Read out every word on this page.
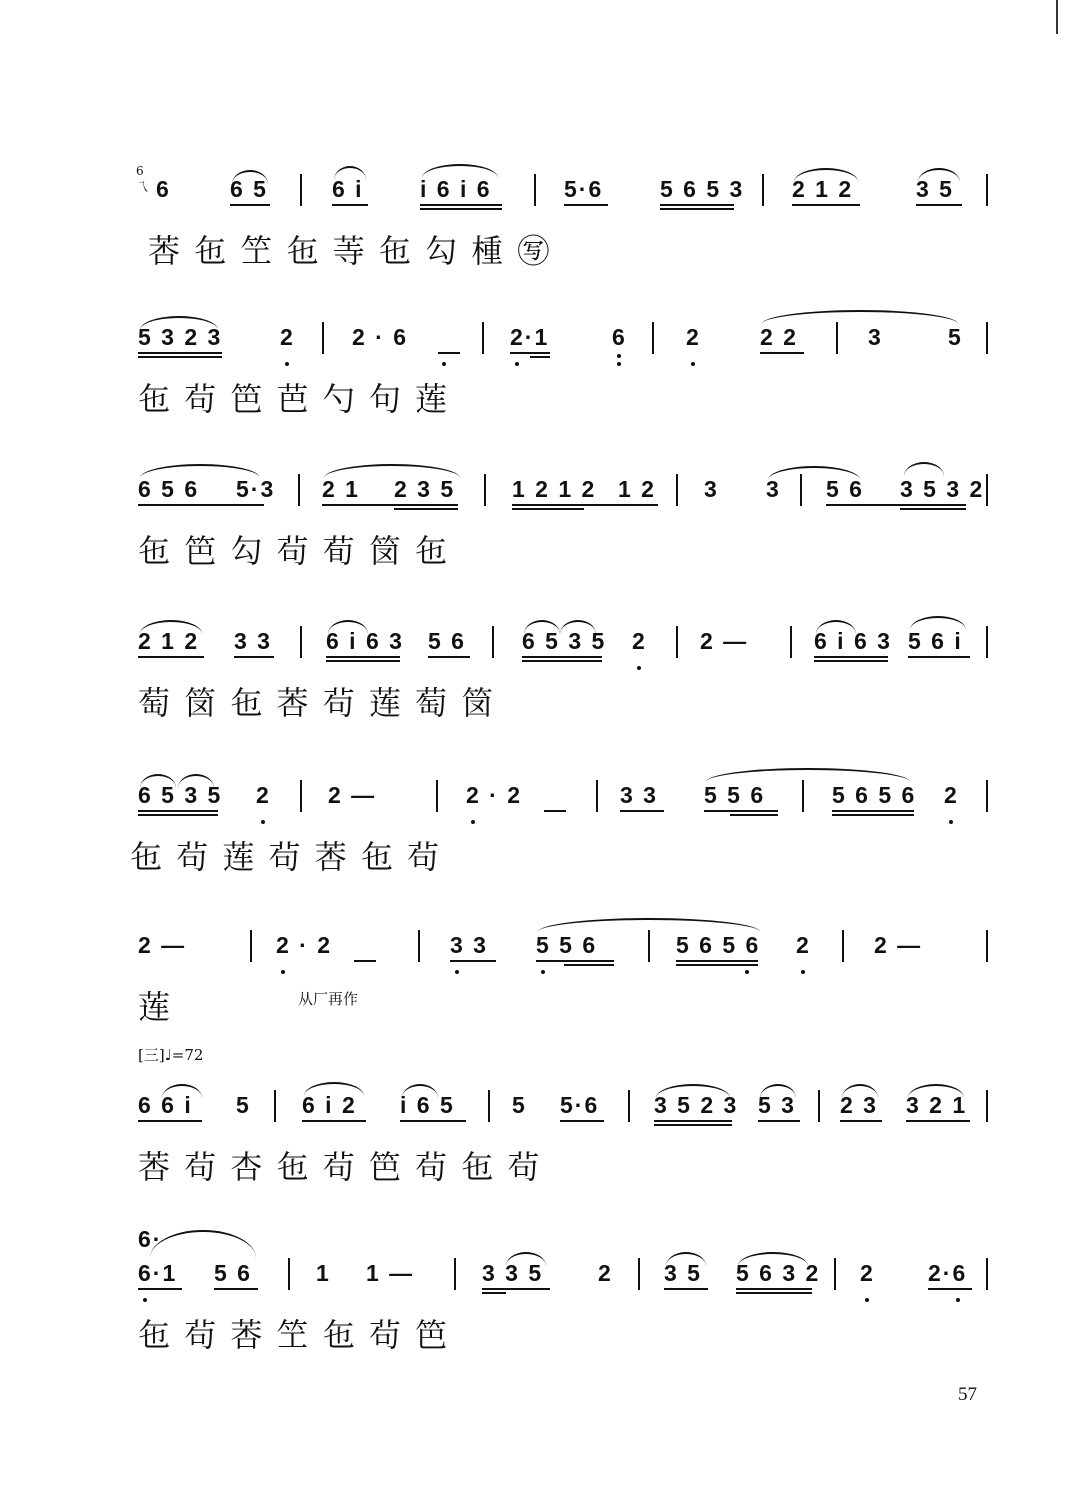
6
乁 6	6 5	6 i i 6 i 6	5·6 5 6 5 3 2 1 2	3 5
莕 㐌 笁 㐌 䓁 㐌 勾 㮔 ㊢
5 3 2 3	2 2 · 6	2·1	6	2	2 2	3	5
㐌 茍 笆 芭 勺 句 莲
6 5 6 5·3 2 1 2 3 5 1 2 1 2 1 2 3 3 5 6 3 5 3 2
㐌 笆 勾 茍 荀 笝 㐌
2 1 2 3 3 6 i 6 3 5 6 6 5 3 5 2 2 —	6 i 6 3 5 6 i
萄 笝 㐌 莕 茍 莲 萄 笝
6 5 3 5 2 2 —	2 · 2	3 3 5 5 6	5 6 5 6 2
㐌 茍 莲 茍 莕 㐌 茍
2 —	2 · 2	3 3 5 5 6	5 6 5 6 2	2 —
莲	从厂再作
[三]♩=72
6 6 i 5 6 i 2 i 6 5 5 5·6 3 5 2 3 5 3 2 3 3 2 1
莕 茍 杏 㐌 茍 笆 茍 㐌 茍
6·
6·1 5 6	1 1 —	3 3 5 2 3 5 5 6 3 2 2 2·6
㐌 茍 莕 笁 㐌 茍 笆
57
